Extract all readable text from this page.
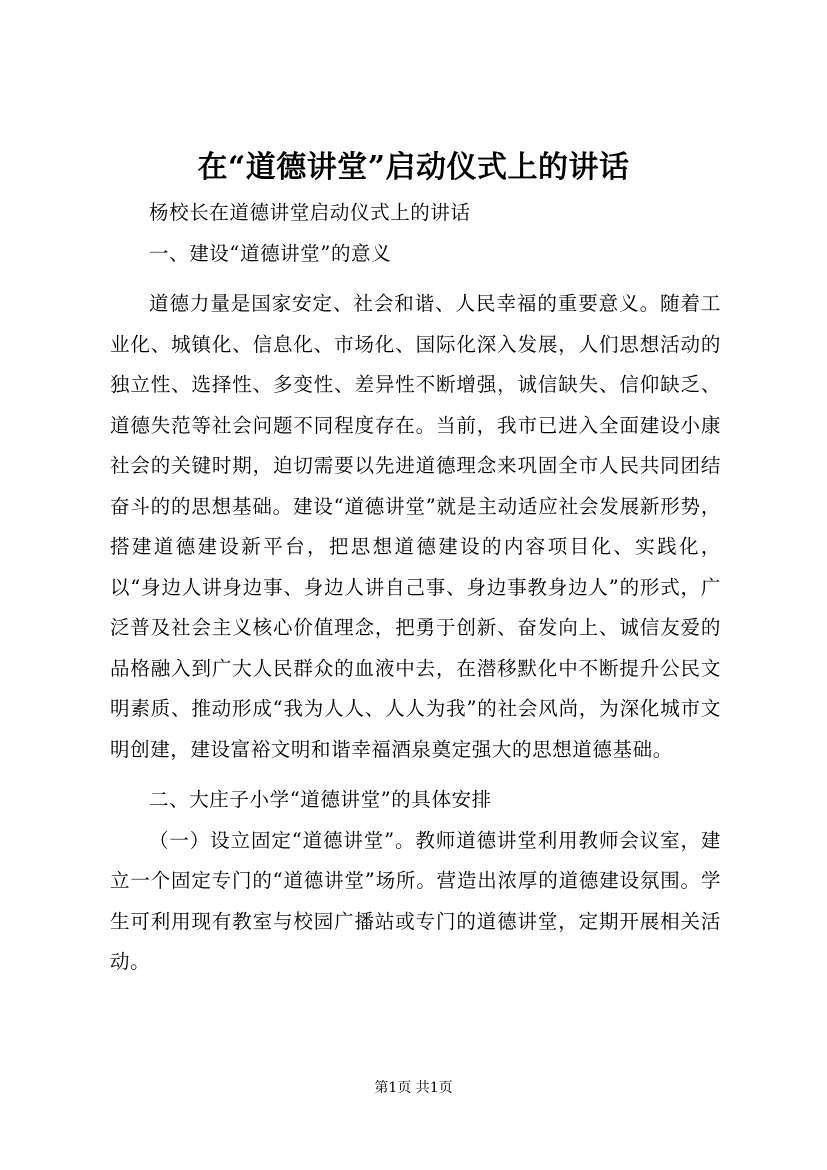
在“道德讲堂”启动仪式上的讲话

杨校长在道德讲堂启动仪式上的讲话

一、建设“道德讲堂”的意义

道德力量是国家安定、社会和谐、人民幸福的重要意义。随着工业化、城镇化、信息化、市场化、国际化深入发展，人们思想活动的独立性、选择性、多变性、差异性不断增强，诚信缺失、信仰缺乏、道德失范等社会问题不同程度存在。当前，我市已进入全面建设小康社会的关键时期，迫切需要以先进道德理念来巩固全市人民共同团结奋斗的的思想基础。建设“道德讲堂”就是主动适应社会发展新形势，搭建道德建设新平台，把思想道德建设的内容项目化、实践化，以“身边人讲身边事、身边人讲自己事、身边事教身边人”的形式，广泛普及社会主义核心价值理念，把勇于创新、奋发向上、诚信友爱的品格融入到广大人民群众的血液中去，在潜移默化中不断提升公民文明素质、推动形成“我为人人、人人为我”的社会风尚，为深化城市文明创建，建设富裕文明和谐幸福酒泉奠定强大的思想道德基础。

二、大庄子小学“道德讲堂”的具体安排

（一）设立固定“道德讲堂”。教师道德讲堂利用教师会议室，建立一个固定专门的“道德讲堂”场所。营造出浓厚的道德建设氛围。学生可利用现有教室与校园广播站或专门的道德讲堂，定期开展相关活动。

第1页 共1页
